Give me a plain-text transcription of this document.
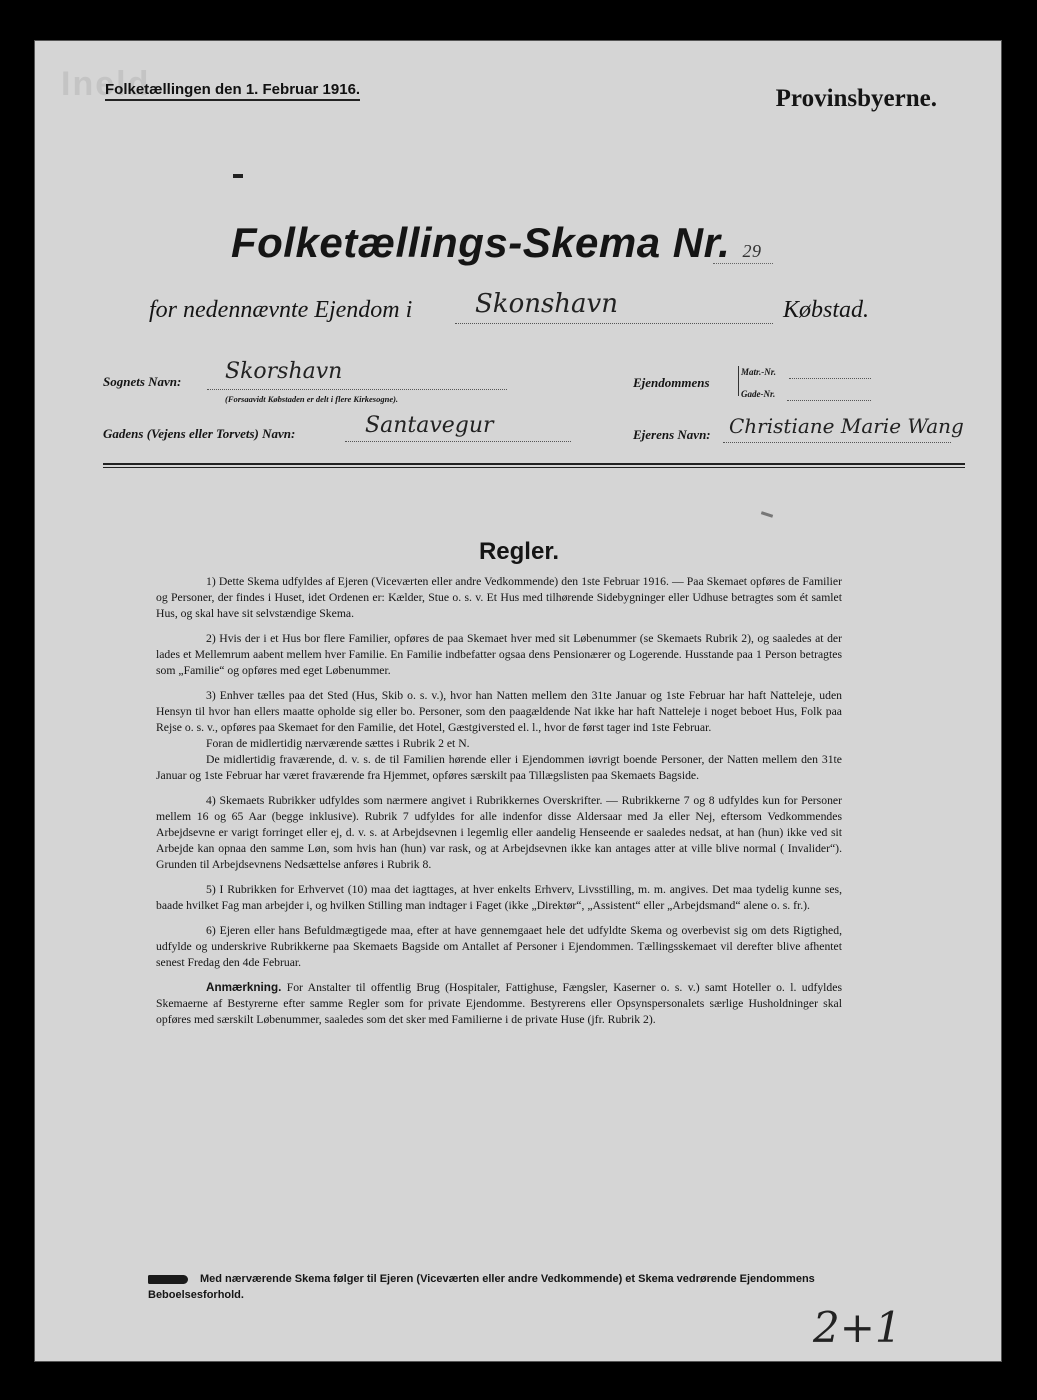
Ineld
Folketællingen den 1. Februar 1916.	Provinsbyerne.
Folketællings-Skema Nr. 29
for nedennævnte Ejendom i Skonshavn	Købstad.
Sognets Navn: Skorshavn
(Forsaavidt Købstaden er delt i flere Kirkesogne).
Ejendommens
Matr.-Nr.
Gade-Nr.
Gadens (Vejens eller Torvets) Navn:	Santavegur	Ejerens Navn: Christiane Marie Wang
Regler.

1) Dette Skema udfyldes af Ejeren (Viceværten eller andre Vedkommende) den 1ste Februar 1916. — Paa Skemaet opføres de Familier og Personer, der findes i Huset, idet Ordenen er: Kælder, Stue o. s. v. Et Hus med tilhørende Sidebygninger eller Udhuse betragtes som ét samlet Hus, og skal have sit selvstændige Skema.

2) Hvis der i et Hus bor flere Familier, opføres de paa Skemaet hver med sit Løbenummer (se Skemaets Rubrik 2), og saaledes at der lades et Mellemrum aabent mellem hver Familie. En Familie indbefatter ogsaa dens Pensionærer og Logerende. Husstande paa 1 Person betragtes som „Familie“ og opføres med eget Løbenummer.

3) Enhver tælles paa det Sted (Hus, Skib o. s. v.), hvor han Natten mellem den 31te Januar og 1ste Februar har haft Natteleje, uden Hensyn til hvor han ellers maatte opholde sig eller bo. Personer, som den paagældende Nat ikke har haft Natteleje i noget beboet Hus, Folk paa Rejse o. s. v., opføres paa Skemaet for den Familie, det Hotel, Gæstgiversted el. l., hvor de først tager ind 1ste Februar.

Foran de midlertidig nærværende sættes i Rubrik 2 et N.

De midlertidig fraværende, d. v. s. de til Familien hørende eller i Ejendommen iøvrigt boende Personer, der Natten mellem den 31te Januar og 1ste Februar har været fraværende fra Hjemmet, opføres særskilt paa Tillægslisten paa Skemaets Bagside.

4) Skemaets Rubrikker udfyldes som nærmere angivet i Rubrikkernes Overskrifter. — Rubrikkerne 7 og 8 udfyldes kun for Personer mellem 16 og 65 Aar (begge inklusive). Rubrik 7 udfyldes for alle indenfor disse Aldersaar med Ja eller Nej, eftersom Vedkommendes Arbejdsevne er varigt forringet eller ej, d. v. s. at Arbejdsevnen i legemlig eller aandelig Henseende er saaledes nedsat, at han (hun) ikke ved sit Arbejde kan opnaa den samme Løn, som hvis han (hun) var rask, og at Arbejdsevnen ikke kan antages atter at ville blive normal ( Invalider“). Grunden til Arbejdsevnens Nedsættelse anføres i Rubrik 8.

5) I Rubrikken for Erhvervet (10) maa det iagttages, at hver enkelts Erhverv, Livsstilling, m. m. angives. Det maa tydelig kunne ses, baade hvilket Fag man arbejder i, og hvilken Stilling man indtager i Faget (ikke „Direktør“, „Assistent“ eller „Arbejdsmand“ alene o. s. fr.).

6) Ejeren eller hans Befuldmægtigede maa, efter at have gennemgaaet hele det udfyldte Skema og overbevist sig om dets Rigtighed, udfylde og underskrive Rubrikkerne paa Skemaets Bagside om Antallet af Personer i Ejendommen. Tællingsskemaet vil derefter blive afhentet senest Fredag den 4de Februar.

Anmærkning. For Anstalter til offentlig Brug (Hospitaler, Fattighuse, Fængsler, Kaserner o. s. v.) samt Hoteller o. l. udfyldes Skemaerne af Bestyrerne efter samme Regler som for private Ejendomme. Bestyrerens eller Opsynspersonalets særlige Husholdninger skal opføres med særskilt Løbenummer, saaledes som det sker med Familierne i de private Huse (jfr. Rubrik 2).

Med nærværende Skema følger til Ejeren (Viceværten eller andre Vedkommende) et Skema vedrørende Ejendommens Beboelsesforhold.
2+1
